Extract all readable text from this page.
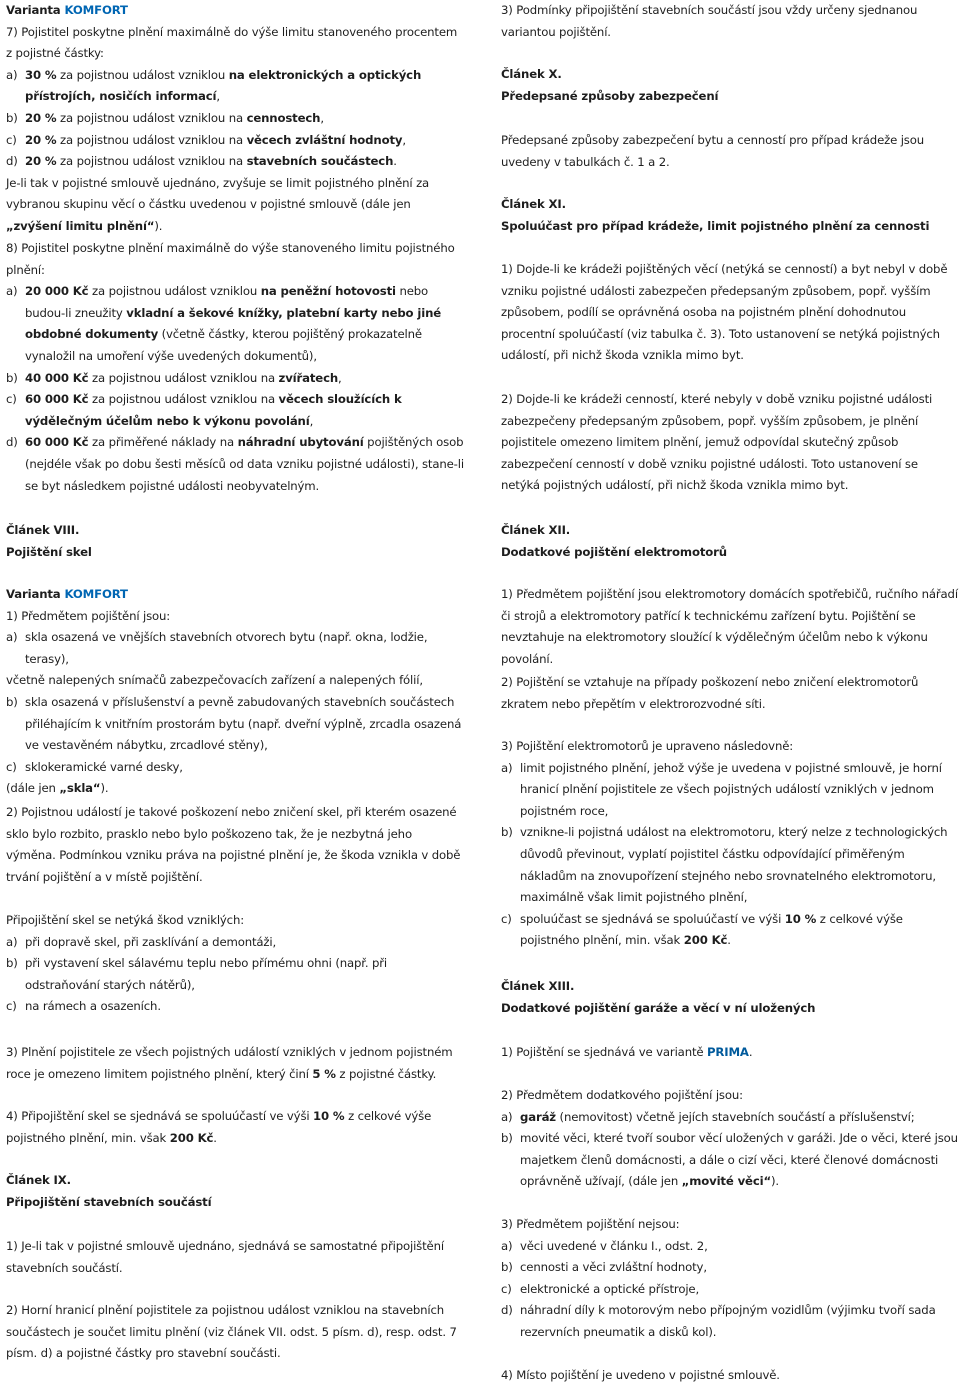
Varianta KOMFORT

7) Pojistitel poskytne plnění maximálně do výše limitu stanoveného procentem z pojistné částky:

a) 30 % za pojistnou událost vzniklou na elektronických a optických přístrojích, nosičích informací,
b) 20 % za pojistnou událost vzniklou na cennostech,
c) 20 % za pojistnou událost vzniklou na věcech zvláštní hodnoty,
d) 20 % za pojistnou událost vzniklou na stavebních součástech.

Je-li tak v pojistné smlouvě ujednáno, zvyšuje se limit pojistného plnění za vybranou skupinu věcí o částku uvedenou v pojistné smlouvě (dále jen „zvýšení limitu plnění“).

8) Pojistitel poskytne plnění maximálně do výše stanoveného limitu pojistného plnění:

a) 20 000 Kč za pojistnou událost vzniklou na peněžní hotovosti nebo budou-li zneužity vkladní a šekové knížky, platební karty nebo jiné obdobné dokumenty (včetně částky, kterou pojištěný prokazatelně vynaložil na umoření výše uvedených dokumentů),
b) 40 000 Kč za pojistnou událost vzniklou na zvířatech,
c) 60 000 Kč za pojistnou událost vzniklou na věcech sloužících k výdělečným účelům nebo k výkonu povolání,
d) 60 000 Kč za přiměřené náklady na náhradní ubytování pojištěných osob (nejdéle však po dobu šesti měsíců od data vzniku pojistné události), stane-li se byt následkem pojistné události neobyvatelným.

Článek VIII.

Pojištění skel

Varianta KOMFORT

1) Předmětem pojištění jsou:

a) skla osazená ve vnějších stavebních otvorech bytu (např. okna, lodžie, terasy),

včetně nalepených snímačů zabezpečovacích zařízení a nalepených fólií,

b) skla osazená v příslušenství a pevně zabudovaných stavebních součástech přiléhajícím k vnitřním prostorám bytu (např. dveřní výplně, zrcadla osazená ve vestavěném nábytku, zrcadlové stěny),
c) sklokeramické varné desky,

(dále jen „skla“).

2) Pojistnou událostí je takové poškození nebo zničení skel, při kterém osazené sklo bylo rozbito, prasklo nebo bylo poškozeno tak, že je nezbytná jeho výměna. Podmínkou vzniku práva na pojistné plnění je, že škoda vznikla v době trvání pojištění a v místě pojištění.

Připojištění skel se netýká škod vzniklých:

a) při dopravě skel, při zasklívání a demontáži,
b) při vystavení skel sálavému teplu nebo přímému ohni (např. při odstraňování starých nátěrů),
c) na rámech a osazeních.

3) Plnění pojistitele ze všech pojistných událostí vzniklých v jednom pojistném roce je omezeno limitem pojistného plnění, který činí 5 % z pojistné částky.

4) Připojištění skel se sjednává se spoluúčastí ve výši 10 % z celkové výše pojistného plnění, min. však 200 Kč.

Článek IX.

Připojištění stavebních součástí

1) Je-li tak v pojistné smlouvě ujednáno, sjednává se samostatné připojištění stavebních součástí.

2) Horní hranicí plnění pojistitele za pojistnou událost vzniklou na stavebních součástech je součet limitu plnění (viz článek VII. odst. 5 písm. d), resp. odst. 7 písm. d) a pojistné částky pro stavební součásti.

3) Podmínky připojištění stavebních součástí jsou vždy určeny sjednanou variantou pojištění.

Článek X.

Předepsané způsoby zabezpečení

Předepsané způsoby zabezpečení bytu a cenností pro případ krádeže jsou uvedeny v tabulkách č. 1 a 2.

Článek XI.

Spoluúčast pro případ krádeže, limit pojistného plnění za cennosti

1) Dojde-li ke krádeži pojištěných věcí (netýká se cenností) a byt nebyl v době vzniku pojistné události zabezpečen předepsaným způsobem, popř. vyšším způsobem, podílí se oprávněná osoba na pojistném plnění dohodnutou procentní spoluúčastí (viz tabulka č. 3). Toto ustanovení se netýká pojistných událostí, při nichž škoda vznikla mimo byt.

2) Dojde-li ke krádeži cenností, které nebyly v době vzniku pojistné události zabezpečeny předepsaným způsobem, popř. vyšším způsobem, je plnění pojistitele omezeno limitem plnění, jemuž odpovídal skutečný způsob zabezpečení cenností v době vzniku pojistné události. Toto ustanovení se netýká pojistných událostí, při nichž škoda vznikla mimo byt.

Článek XII.

Dodatkové pojištění elektromotorů

1) Předmětem pojištění jsou elektromotory domácích spotřebičů, ručního nářadí či strojů a elektromotory patřící k technickému zařízení bytu. Pojištění se nevztahuje na elektromotory sloužící k výdělečným účelům nebo k výkonu povolání.

2) Pojištění se vztahuje na případy poškození nebo zničení elektromotorů zkratem nebo přepětím v elektrorozvodné síti.

3) Pojištění elektromotorů je upraveno následovně:

a) limit pojistného plnění, jehož výše je uvedena v pojistné smlouvě, je horní hranicí plnění pojistitele ze všech pojistných událostí vzniklých v jednom pojistném roce,
b) vznikne-li pojistná událost na elektromotoru, který nelze z technologických důvodů převinout, vyplatí pojistitel částku odpovídající přiměřeným nákladům na znovupořízení stejného nebo srovnatelného elektromotoru, maximálně však limit pojistného plnění,
c) spoluúčast se sjednává se spoluúčastí ve výši 10 % z celkové výše pojistného plnění, min. však 200 Kč.

Článek XIII.

Dodatkové pojištění garáže a věcí v ní uložených

1) Pojištění se sjednává ve variantě PRIMA.

2) Předmětem dodatkového pojištění jsou:

a) garáž (nemovitost) včetně jejích stavebních součástí a příslušenství;
b) movité věci, které tvoří soubor věcí uložených v garáži. Jde o věci, které jsou majetkem členů domácnosti, a dále o cizí věci, které členové domácnosti oprávněně užívají, (dále jen „movité věci“).

3) Předmětem pojištění nejsou:

a) věci uvedené v článku I., odst. 2,
b) cennosti a věci zvláštní hodnoty,
c) elektronické a optické přístroje,
d) náhradní díly k motorovým nebo přípojným vozidlům (výjimku tvoří sada rezervních pneumatik a disků kol).

4) Místo pojištění je uvedeno v pojistné smlouvě.
